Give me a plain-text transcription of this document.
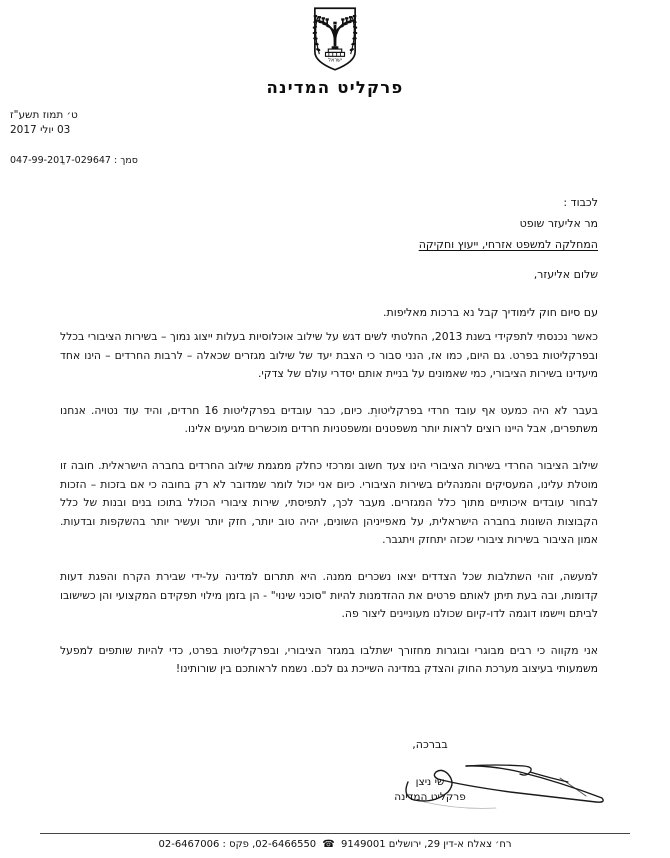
ישראל
פרקליט המדינה
ט׳ תמוז תשע"ז
03 יולי 2017
סמך : 047-99-2017-029647
לכבוד :
מר אליעזר שופט
המחלקה למשפט אזרחי, ייעוץ וחקיקה
שלום אליעזר,
עם סיום חוק לימודיך קבל נא ברכות מאליפות.

כאשר נכנסתי לתפקידי בשנת 2013, החלטתי לשים דגש על שילוב אוכלוסיות בעלות ייצוג נמוך – בשירות הציבורי בכלל ובפרקליטות בפרט. גם היום, כמו אז, הנני סבור כי הצבת יעד של שילוב מגזרים שכאלה – לרבות החרדים – הינו אחד מיעדינו בשירות הציבורי, כמי שאמונים על בניית אותם יסדרי עולם של צדקי.

בעבר לא היה כמעט אף עובד חרדי בפרקליטות. כיום, כבר עובדים בפרקליטות 16 חרדים, והיד עוד נטויה. אנחנו משתפרים, אבל היינו רוצים לראות יותר משפטנים ומשפטניות חרדים מוכשרים מגיעים אלינו.

שילוב הציבור החרדי בשירות הציבורי הינו צעד חשוב ומרכזי כחלק ממגמת שילוב החרדים בחברה הישראלית. חובה זו מוטלת עלינו, המעסיקים והמנהלים בשירות הציבורי. כיום אני יכול לומר שמדובר לא רק בחובה כי אם בזכות – הזכות לבחור עובדים איכותיים מתוך כלל המגזרים. מעבר לכך, לתפיסתי, שירות ציבורי הכולל בתוכו בנים ובנות של כלל הקבוצות השונות בחברה הישראלית, על מאפייניהן השונים, יהיה טוב יותר, חזק יותר ועשיר יותר בהשקפות ובדעות. אמון הציבור בשירות ציבורי שכזה יתחזק ויתגבר.

למעשה, זוהי השתלבות שכל הצדדים יצאו נשכרים ממנה. היא תתרום למדינה על-ידי שבירת הקרח והפגת דעות קדומות, ובה בעת תיתן לאותם פרטים את ההזדמנות להיות "סוכני שינוי" - הן בזמן מילוי תפקידם המקצועי והן כשישובו לביתם ויישמו דוגמה לדו-קיום שכולנו מעוניינים ליצור פה.

אני מקווה כי רבים מבוגרי ובוגרות מחזורך ישתלבו במגזר הציבורי, ובפרקליטות בפרט, כדי להיות שותפים למפעל משמעותי בעיצוב מערכת החוק והצדק במדינה השייכת גם לכם. נשמח לראותכם בין שורותינו!

בברכה,
שי ניצן
פרקליט המדינה
רח׳ צאלח א-דין 29, ירושלים 9149001 ☎ 02-6466550, פקס : 02-6467006
